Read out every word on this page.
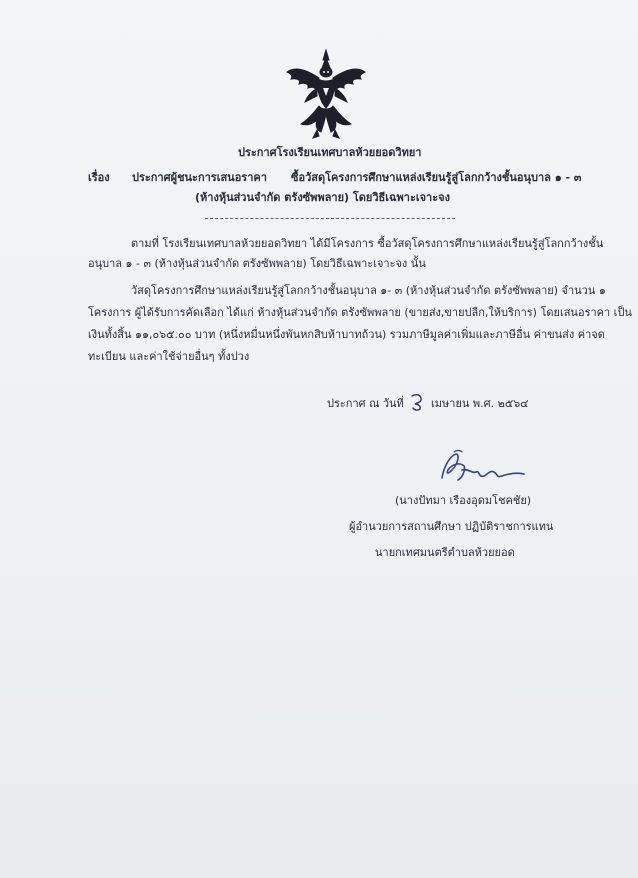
ประกาศโรงเรียนเทศบาลห้วยยอดวิทยา
เรื่อง ประกาศผู้ชนะการเสนอราคา ซื้อวัสดุโครงการศึกษาแหล่งเรียนรู้สู่โลกกว้างชั้นอนุบาล ๑ - ๓
(ห้างหุ้นส่วนจำกัด ตรังซัพพลาย) โดยวิธีเฉพาะเจาะจง
ตามที่ โรงเรียนเทศบาลห้วยยอดวิทยา ได้มีโครงการ ซื้อวัสดุโครงการศึกษาแหล่งเรียนรู้สู่โลกกว้างชั้น
อนุบาล ๑ - ๓ (ห้างหุ้นส่วนจำกัด ตรังซัพพลาย) โดยวิธีเฉพาะเจาะจง นั้น
วัสดุโครงการศึกษาแหล่งเรียนรู้สู่โลกกว้างชั้นอนุบาล ๑- ๓ (ห้างหุ้นส่วนจำกัด ตรังซัพพลาย) จำนวน ๑
โครงการ ผู้ได้รับการคัดเลือก ได้แก่ ห้างหุ้นส่วนจำกัด ตรังซัพพลาย (ขายส่ง,ขายปลีก,ให้บริการ) โดยเสนอราคา เป็น
เงินทั้งสิ้น ๑๑,๐๖๕.๐๐ บาท (หนึ่งหมื่นหนึ่งพันหกสิบห้าบาทถ้วน) รวมภาษีมูลค่าเพิ่มและภาษีอื่น ค่าขนส่ง ค่าจด
ทะเบียน และค่าใช้จ่ายอื่นๆ ทั้งปวง
ประกาศ ณ วันที่ เมษายน พ.ศ. ๒๕๖๔
(นางปัทมา เรืองอุดมโชคชัย)
ผู้อำนวยการสถานศึกษา ปฏิบัติราชการแทน
นายกเทศมนตรีตำบลห้วยยอด
